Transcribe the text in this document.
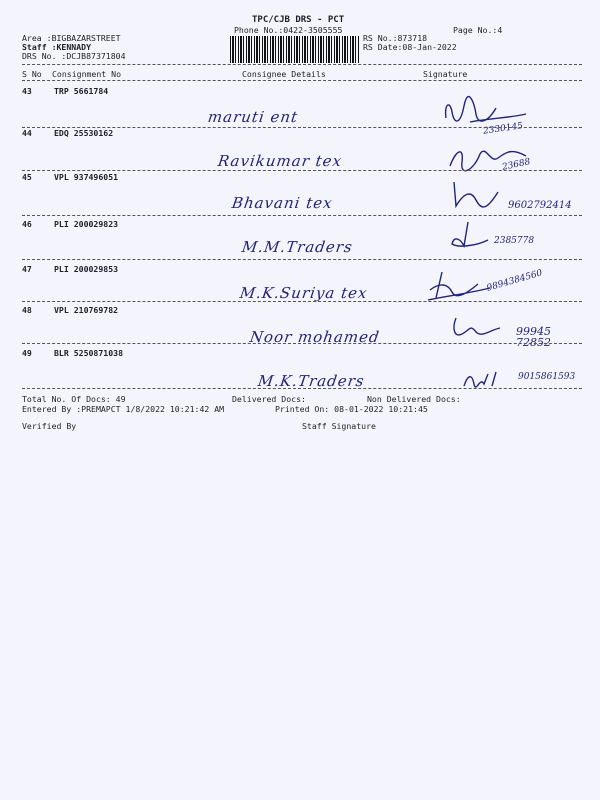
TPC/CJB DRS - PCT
Phone No.:0422-3505555	Page No.:4
Area :BIGBAZARSTREET
Staff :KENNADY
DRS No. :DCJB87371804
RS No.:873718
RS Date:08-Jan-2022
S No Consignment No	Consignee Details	Signature
43	TRP 5661784
maruti ent
2330145
44	EDQ 25530162
Ravikumar tex	23688
45	VPL 937496051
Bhavani tex	9602792414
46	PLI 200029823
M.M.Traders	2385778
47	PLI 200029853
M.K.Suriya tex	9894384560
48	VPL 210769782
Noor mohamed	99945 72852
49	BLR 5250871038
M.K.Traders	9015861593
Total No. Of Docs: 49	Delivered Docs:	Non Delivered Docs:
Entered By :PREMAPCT 1/8/2022 10:21:42 AM	Printed On: 08-01-2022 10:21:45
Verified By	Staff Signature
